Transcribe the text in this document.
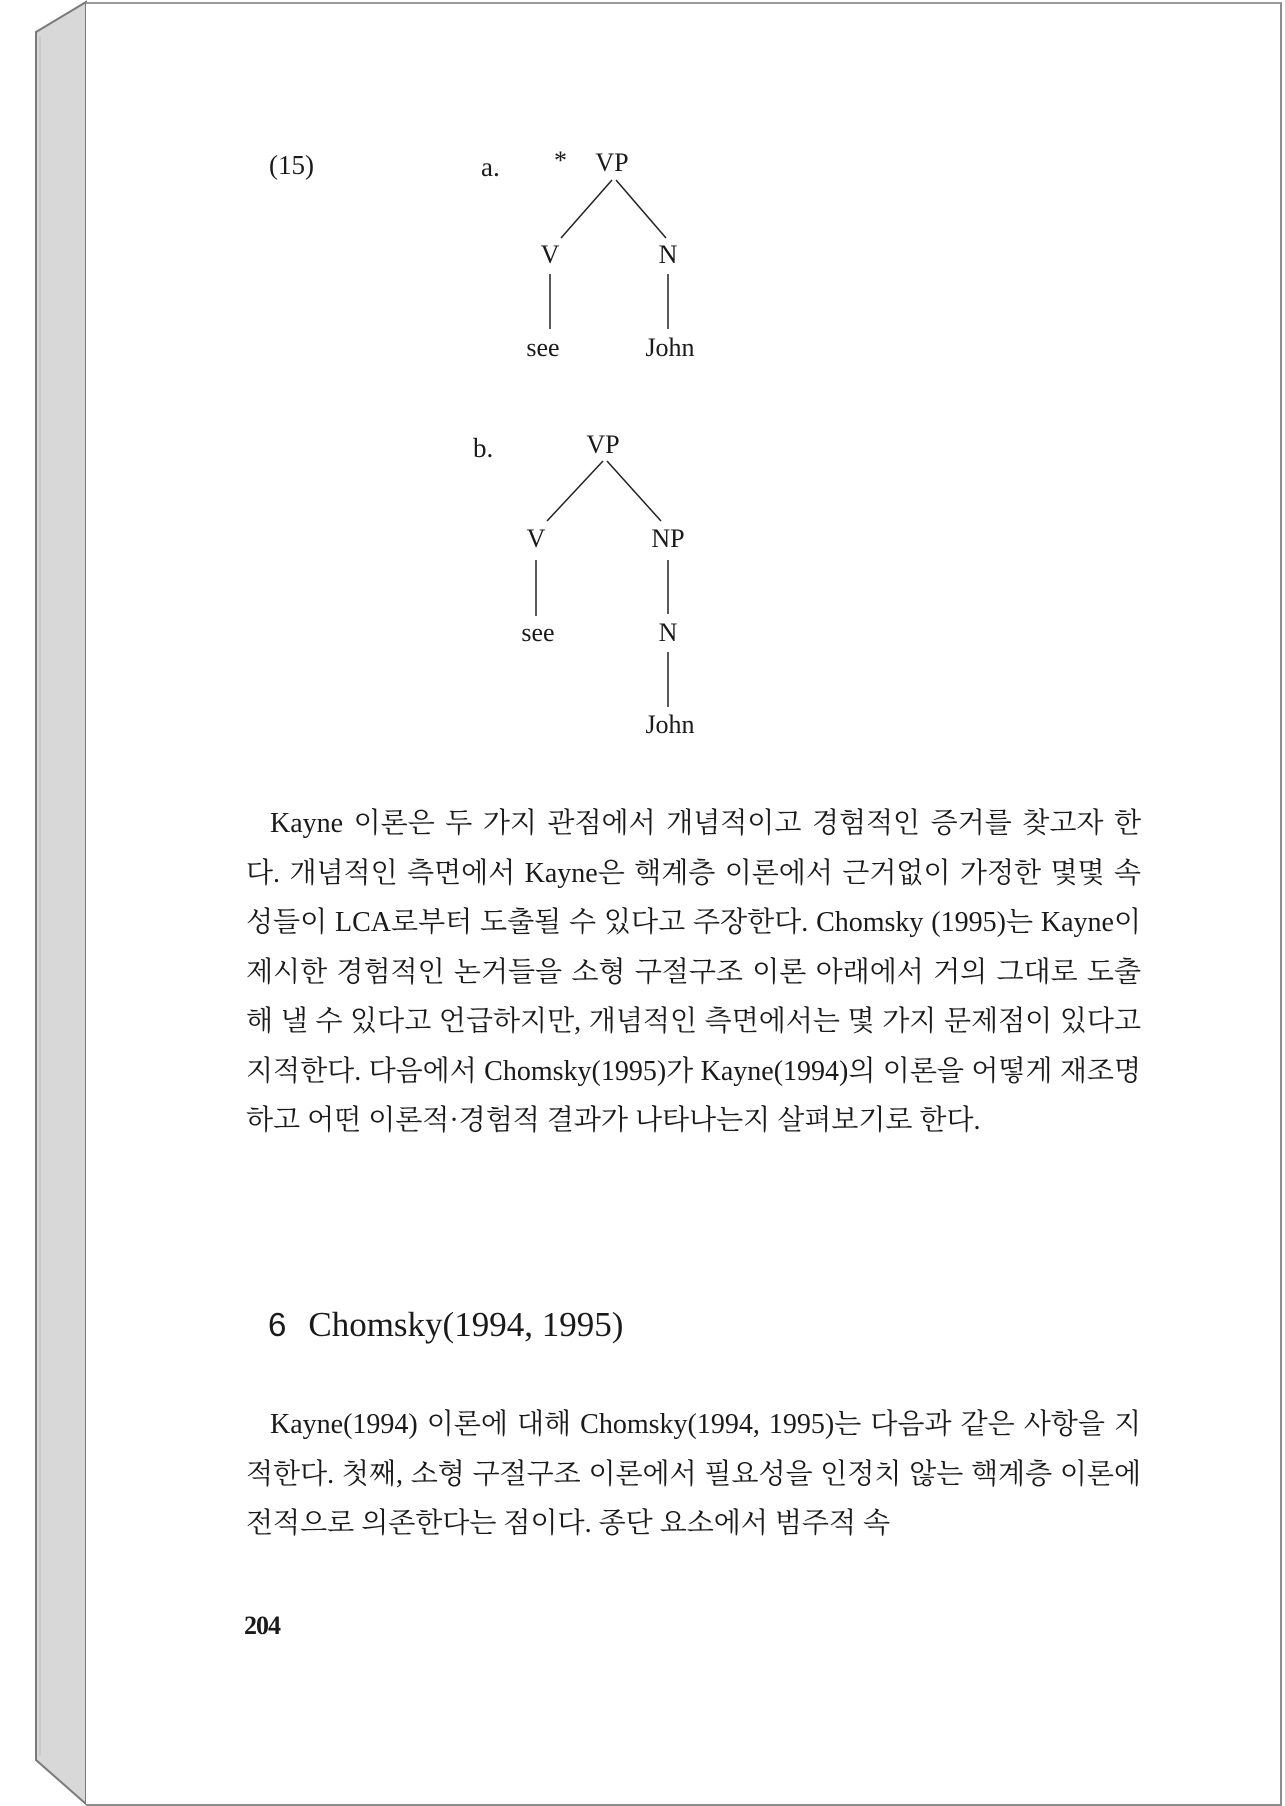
(15)	a. * VP
V	N
see	John
b.	VP
V	NP
see	N
John

Kayne 이론은 두 가지 관점에서 개념적이고 경험적인 증거를 찾고자 한다. 개념적인 측면에서 Kayne은 핵계층 이론에서 근거없이 가정한 몇몇 속성들이 LCA로부터 도출될 수 있다고 주장한다. Chomsky (1995)는 Kayne이 제시한 경험적인 논거들을 소형 구절구조 이론 아래에서 거의 그대로 도출해 낼 수 있다고 언급하지만, 개념적인 측면에서는 몇 가지 문제점이 있다고 지적한다. 다음에서 Chomsky(1995)가 Kayne(1994)의 이론을 어떻게 재조명하고 어떤 이론적·경험적 결과가 나타나는지 살펴보기로 한다.

6 Chomsky(1994, 1995)

Kayne(1994) 이론에 대해 Chomsky(1994, 1995)는 다음과 같은 사항을 지적한다. 첫째, 소형 구절구조 이론에서 필요성을 인정치 않는 핵계층 이론에 전적으로 의존한다는 점이다. 종단 요소에서 범주적 속

204
